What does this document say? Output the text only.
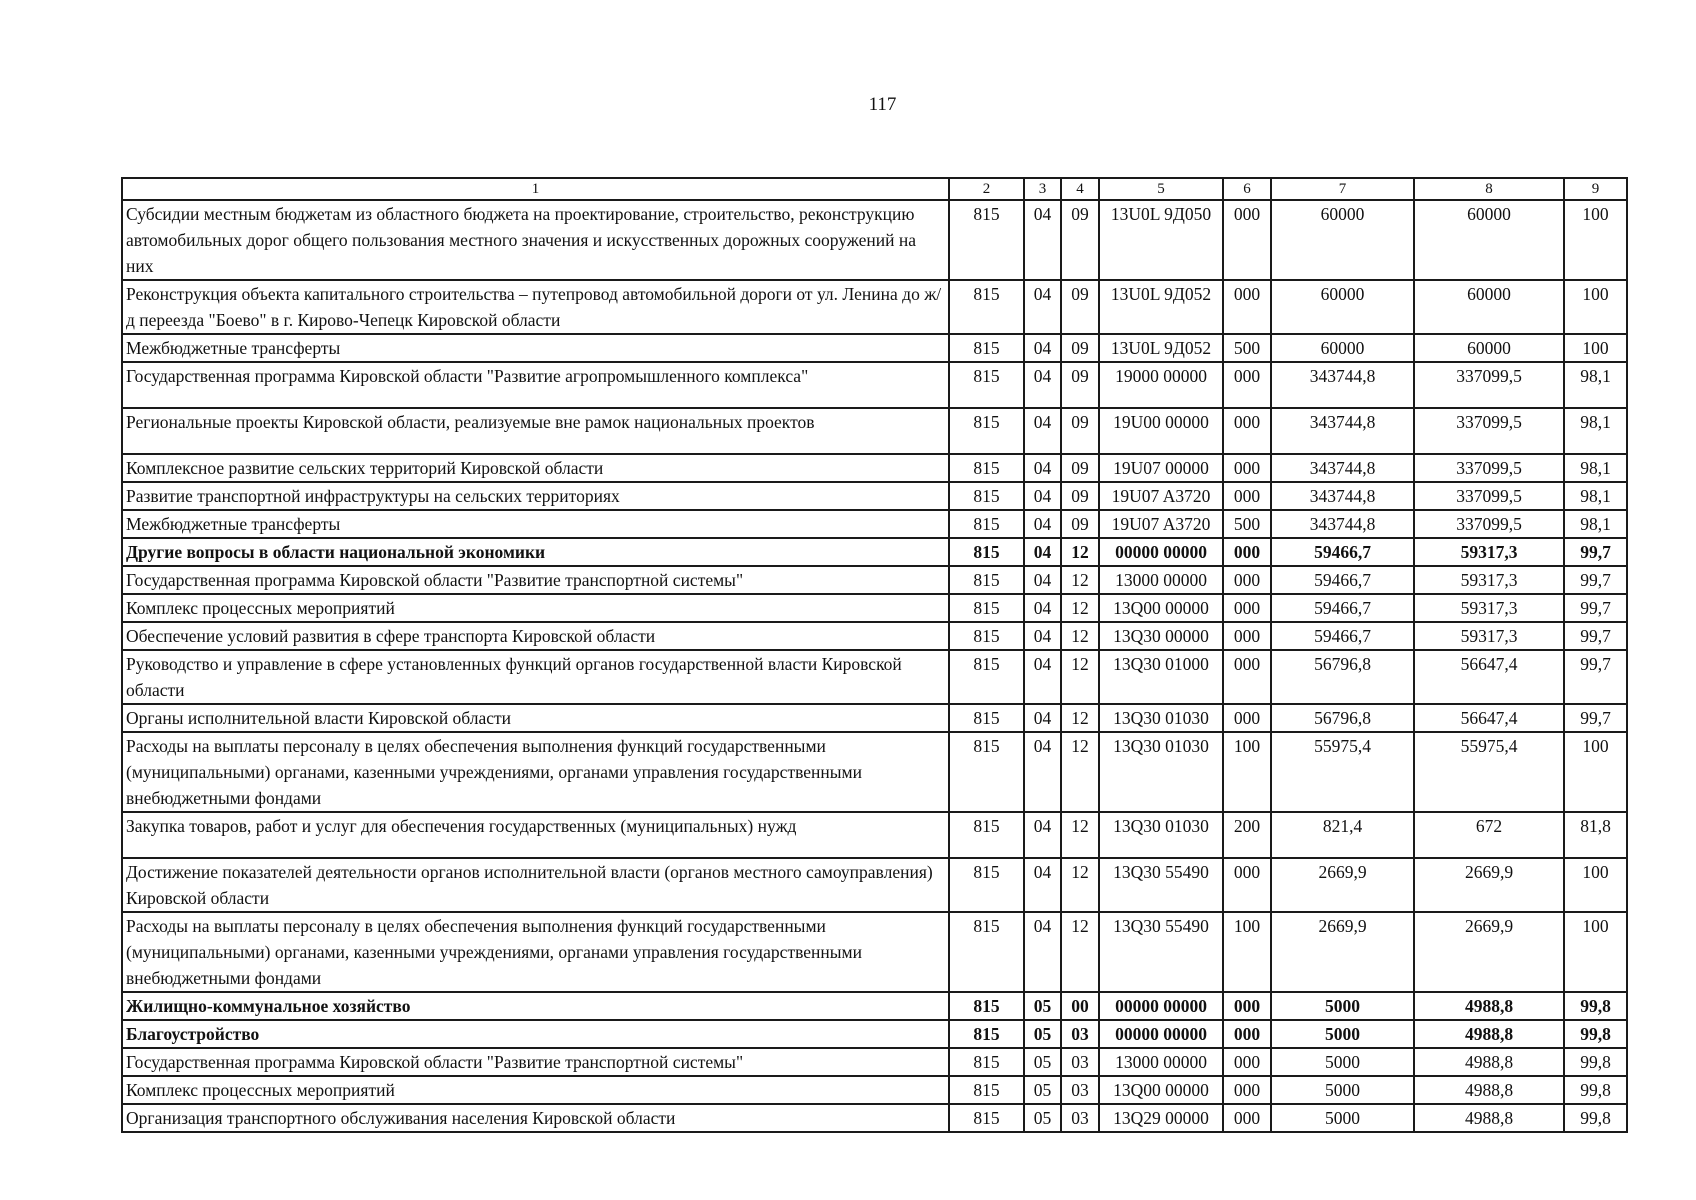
117
1	2	3	4	5	6	7	8	9
Субсидии местным бюджетам из областного бюджета на проектирование, строительство, реконструкцию автомобильных дорог общего пользования местного значения и искусственных дорожных сооружений на них	815	04	09	13U0L 9Д050	000	60000	60000	100
Реконструкция объекта капитального строительства – путепровод автомобильной дороги от ул. Ленина до ж/д переезда "Боево" в г. Кирово-Чепецк Кировской области	815	04	09	13U0L 9Д052	000	60000	60000	100
Межбюджетные трансферты	815	04	09	13U0L 9Д052	500	60000	60000	100
Государственная программа Кировской области "Развитие агропромышленного комплекса"	815	04	09	19000 00000	000	343744,8	337099,5	98,1
Региональные проекты Кировской области, реализуемые вне рамок национальных проектов	815	04	09	19U00 00000	000	343744,8	337099,5	98,1
Комплексное развитие сельских территорий Кировской области	815	04	09	19U07 00000	000	343744,8	337099,5	98,1
Развитие транспортной инфраструктуры на сельских территориях	815	04	09	19U07 A3720	000	343744,8	337099,5	98,1
Межбюджетные трансферты	815	04	09	19U07 A3720	500	343744,8	337099,5	98,1
Другие вопросы в области национальной экономики	815	04	12	00000 00000	000	59466,7	59317,3	99,7
Государственная программа Кировской области "Развитие транспортной системы"	815	04	12	13000 00000	000	59466,7	59317,3	99,7
Комплекс процессных мероприятий	815	04	12	13Q00 00000	000	59466,7	59317,3	99,7
Обеспечение условий развития в сфере транспорта Кировской области	815	04	12	13Q30 00000	000	59466,7	59317,3	99,7
Руководство и управление в сфере установленных функций органов государственной власти Кировской области	815	04	12	13Q30 01000	000	56796,8	56647,4	99,7
Органы исполнительной власти Кировской области	815	04	12	13Q30 01030	000	56796,8	56647,4	99,7
Расходы на выплаты персоналу в целях обеспечения выполнения функций государственными (муниципальными) органами, казенными учреждениями, органами управления государственными внебюджетными фондами	815	04	12	13Q30 01030	100	55975,4	55975,4	100
Закупка товаров, работ и услуг для обеспечения государственных (муниципальных) нужд	815	04	12	13Q30 01030	200	821,4	672	81,8
Достижение показателей деятельности органов исполнительной власти (органов местного самоуправления) Кировской области	815	04	12	13Q30 55490	000	2669,9	2669,9	100
Расходы на выплаты персоналу в целях обеспечения выполнения функций государственными (муниципальными) органами, казенными учреждениями, органами управления государственными внебюджетными фондами	815	04	12	13Q30 55490	100	2669,9	2669,9	100
Жилищно-коммунальное хозяйство	815	05	00	00000 00000	000	5000	4988,8	99,8
Благоустройство	815	05	03	00000 00000	000	5000	4988,8	99,8
Государственная программа Кировской области "Развитие транспортной системы"	815	05	03	13000 00000	000	5000	4988,8	99,8
Комплекс процессных мероприятий	815	05	03	13Q00 00000	000	5000	4988,8	99,8
Организация транспортного обслуживания населения Кировской области	815	05	03	13Q29 00000	000	5000	4988,8	99,8
